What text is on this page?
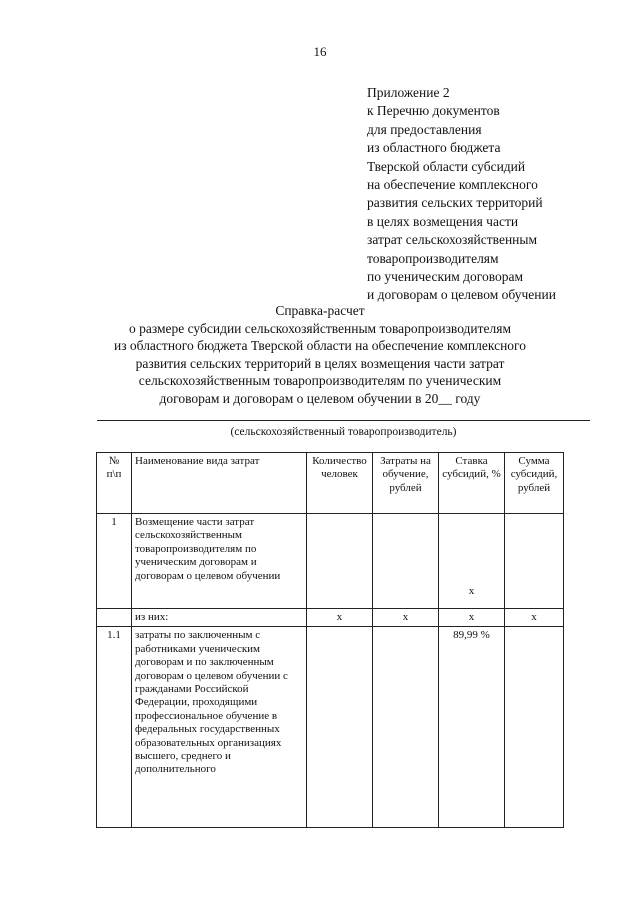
16
Приложение 2
к Перечню документов
для предоставления
из областного бюджета
Тверской области субсидий
на обеспечение комплексного
развития сельских территорий
в целях возмещения части
затрат сельскохозяйственным
товаропроизводителям
по ученическим договорам
и договорам о целевом обучении
Справка-расчет
о размере субсидии сельскохозяйственным товаропроизводителям
из областного бюджета Тверской области на обеспечение комплексного
развития сельских территорий в целях возмещения части затрат
сельскохозяйственным товаропроизводителям по ученическим
договорам и договорам о целевом обучении в 20__ году
(сельскохозяйственный товаропроизводитель)
№ п\п	Наименование вида затрат	Количество человек	Затраты на обучение, рублей	Ставка субсидий, %	Сумма субсидий, рублей
1	Возмещение части затрат сельскохозяйственным товаропроизводителям по ученическим договорам и договорам о целевом обучении			x	
	из них:	x	x	x	x
1.1	затраты по заключенным с работниками ученическим договорам и по заключенным договорам о целевом обучении с гражданами Российской Федерации, проходящими профессиональное обучение в федеральных государственных образовательных организациях высшего, среднего и дополнительного			89,99 %	
